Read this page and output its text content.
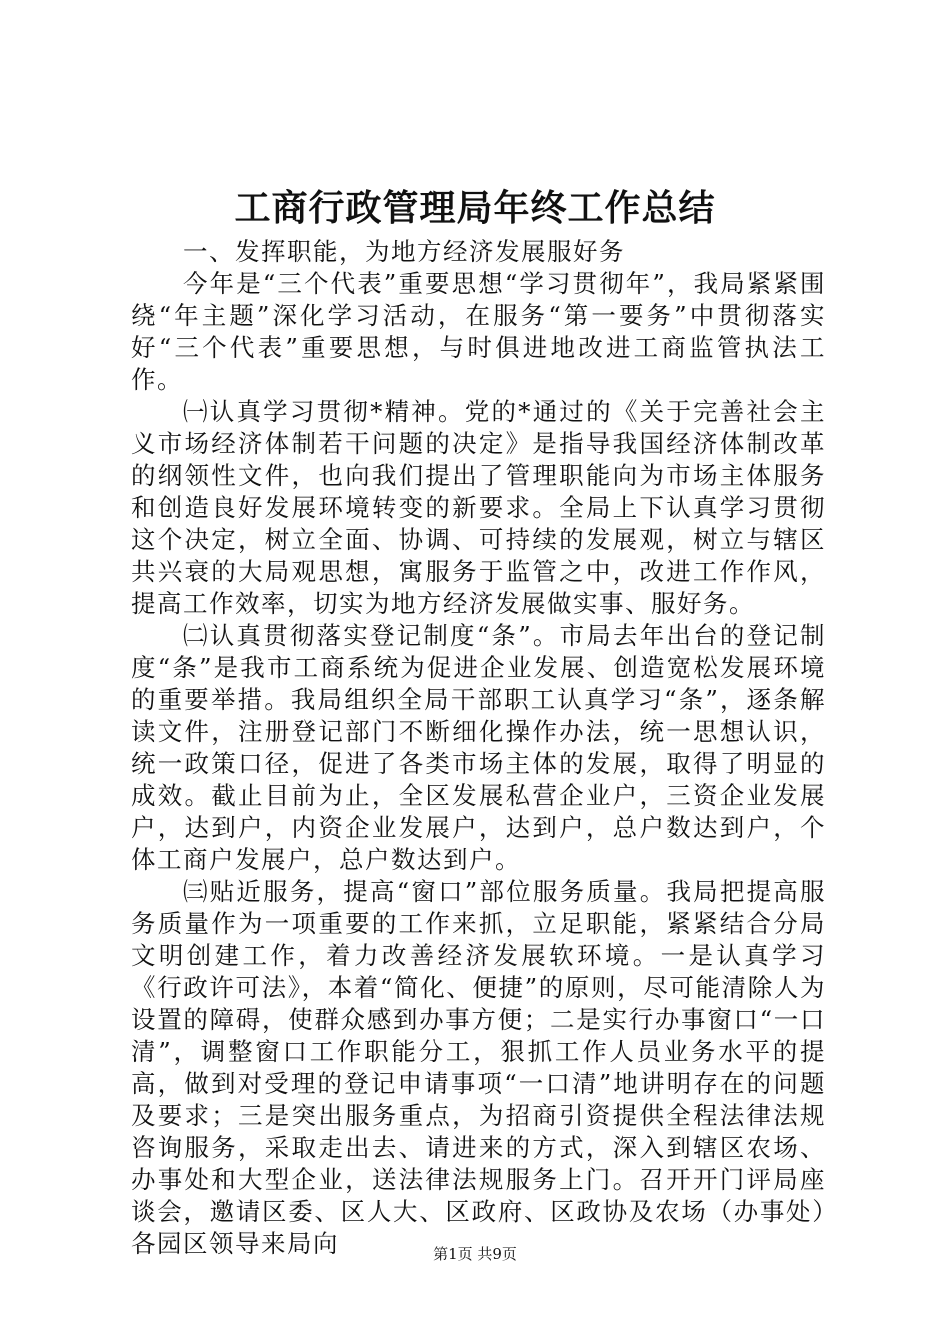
工商行政管理局年终工作总结

一、发挥职能，为地方经济发展服好务

今年是“三个代表”重要思想“学习贯彻年”，我局紧紧围绕“年主题”深化学习活动，在服务“第一要务”中贯彻落实好“三个代表”重要思想，与时俱进地改进工商监管执法工作。

㈠认真学习贯彻*精神。党的*通过的《关于完善社会主义市场经济体制若干问题的决定》是指导我国经济体制改革的纲领性文件，也向我们提出了管理职能向为市场主体服务和创造良好发展环境转变的新要求。全局上下认真学习贯彻这个决定，树立全面、协调、可持续的发展观，树立与辖区共兴衰的大局观思想，寓服务于监管之中，改进工作作风，提高工作效率，切实为地方经济发展做实事、服好务。

㈡认真贯彻落实登记制度“条”。市局去年出台的登记制度“条”是我市工商系统为促进企业发展、创造宽松发展环境的重要举措。我局组织全局干部职工认真学习“条”，逐条解读文件，注册登记部门不断细化操作办法，统一思想认识，统一政策口径，促进了各类市场主体的发展，取得了明显的成效。截止目前为止，全区发展私营企业户，三资企业发展户，达到户，内资企业发展户，达到户，总户数达到户，个体工商户发展户，总户数达到户。

㈢贴近服务，提高“窗口”部位服务质量。我局把提高服务质量作为一项重要的工作来抓，立足职能，紧紧结合分局文明创建工作，着力改善经济发展软环境。一是认真学习《行政许可法》，本着“简化、便捷”的原则，尽可能清除人为设置的障碍，使群众感到办事方便；二是实行办事窗口“一口清”，调整窗口工作职能分工，狠抓工作人员业务水平的提高，做到对受理的登记申请事项“一口清”地讲明存在的问题及要求；三是突出服务重点，为招商引资提供全程法律法规咨询服务，采取走出去、请进来的方式，深入到辖区农场、办事处和大型企业，送法律法规服务上门。召开开门评局座谈会，邀请区委、区人大、区政府、区政协及农场（办事处）各园区领导来局向	第1页 共9页
